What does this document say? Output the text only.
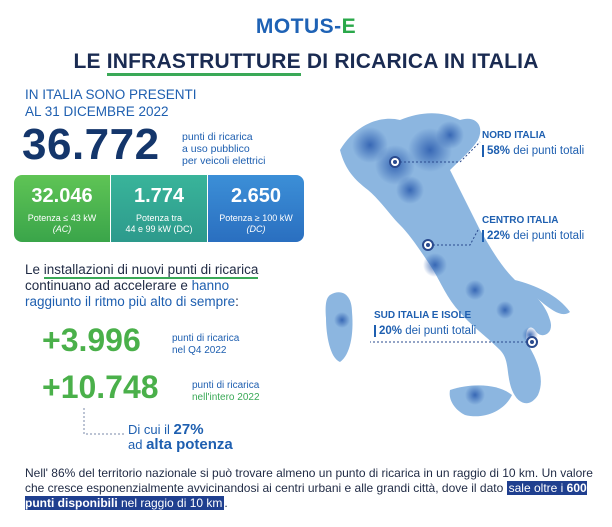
MOTUS-E
LE INFRASTRUTTURE DI RICARICA IN ITALIA
IN ITALIA SONO PRESENTI
AL 31 DICEMBRE 2022
36.772 punti di ricarica
a uso pubblico
per veicoli elettrici
32.046
Potenza ≤ 43 kW
(AC)
1.774
Potenza tra
44 e 99 kW (DC)
2.650
Potenza ≥ 100 kW
(DC)
Le installazioni di nuovi punti di ricarica continuano ad accelerare e hanno raggiunto il ritmo più alto di sempre:
+3.996	punti di ricarica
nel Q4 2022
+10.748	punti di ricarica
nell'intero 2022
Di cui il 27%
ad alta potenza
NORD ITALIA
58% dei punti totali
CENTRO ITALIA
22% dei punti totali
SUD ITALIA E ISOLE
20% dei punti totali
Nell' 86% del territorio nazionale si può trovare almeno un punto di ricarica in un raggio di 10 km. Un valore che cresce esponenzialmente avvicinandosi ai centri urbani e alle grandi città, dove il dato sale oltre i 600 punti disponibili nel raggio di 10 km .
